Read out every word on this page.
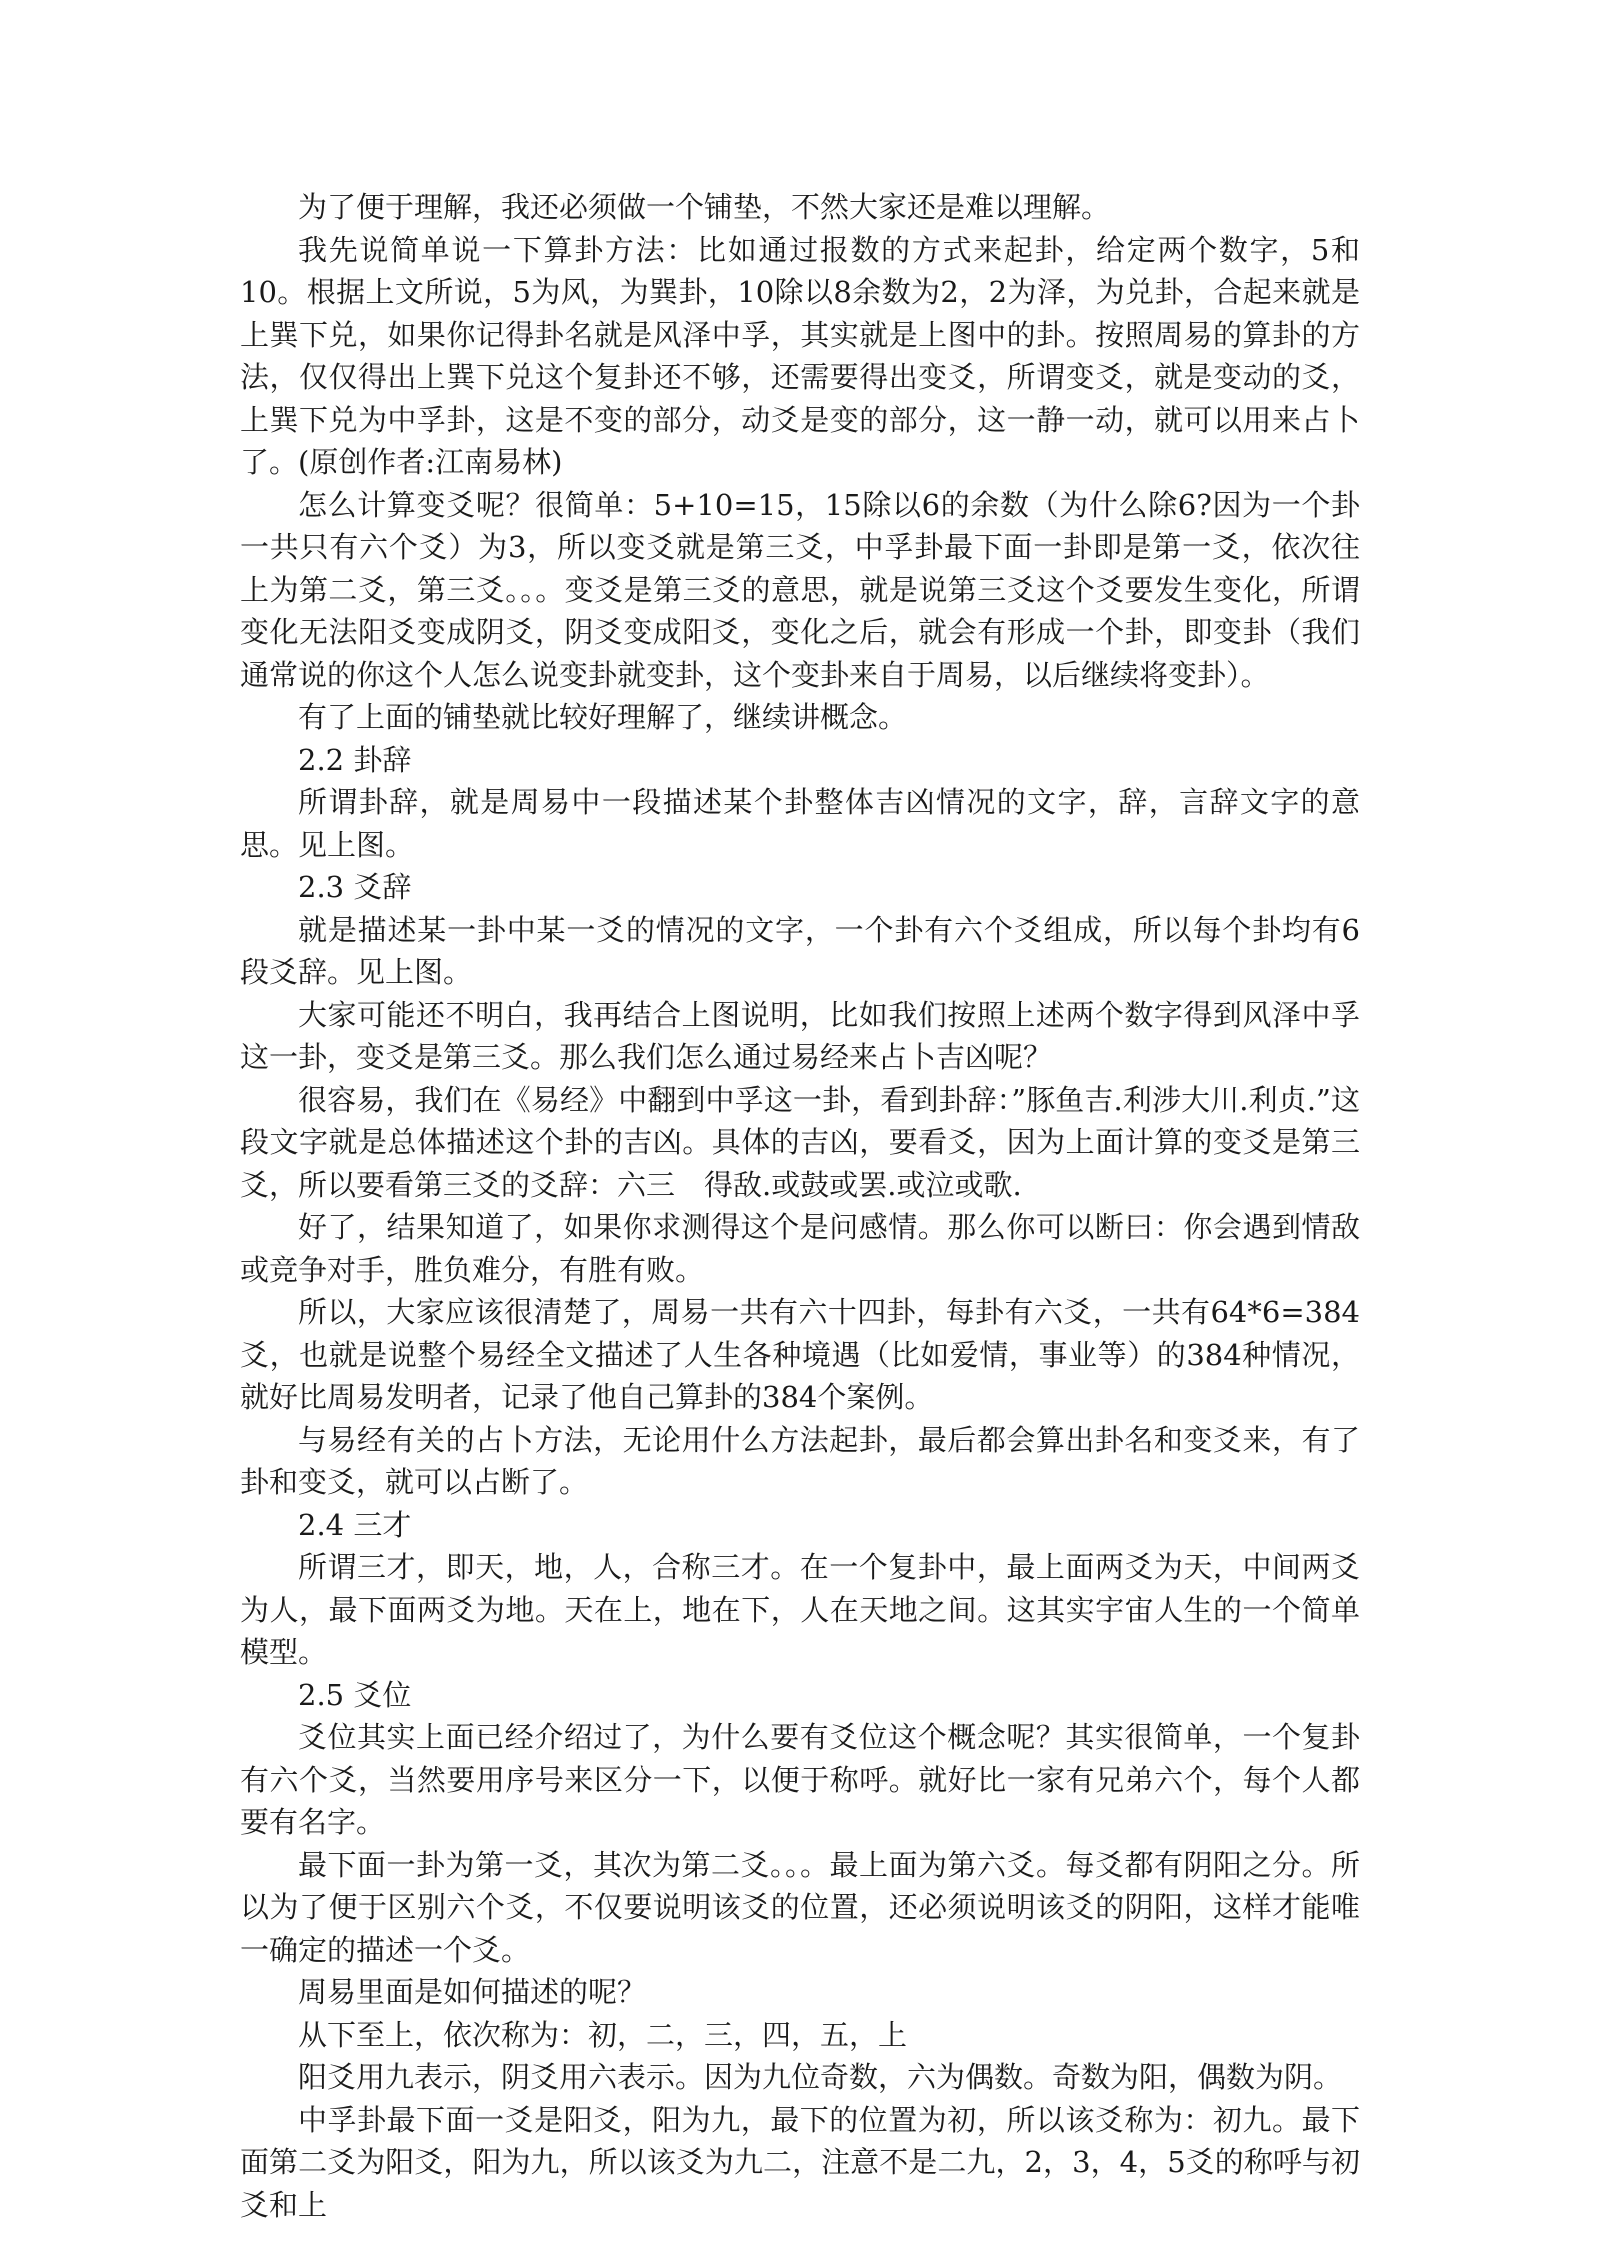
为了便于理解，我还必须做一个铺垫，不然大家还是难以理解。

我先说简单说一下算卦方法：比如通过报数的方式来起卦，给定两个数字，5和10。根据上文所说，5为风，为巽卦，10除以8余数为2，2为泽，为兑卦，合起来就是上巽下兑，如果你记得卦名就是风泽中孚，其实就是上图中的卦。按照周易的算卦的方法，仅仅得出上巽下兑这个复卦还不够，还需要得出变爻，所谓变爻，就是变动的爻，上巽下兑为中孚卦，这是不变的部分，动爻是变的部分，这一静一动，就可以用来占卜了。(原创作者:江南易林)

怎么计算变爻呢？很简单：5+10=15，15除以6的余数（为什么除6?因为一个卦一共只有六个爻）为3，所以变爻就是第三爻，中孚卦最下面一卦即是第一爻，依次往上为第二爻，第三爻。。。变爻是第三爻的意思，就是说第三爻这个爻要发生变化，所谓变化无法阳爻变成阴爻，阴爻变成阳爻，变化之后，就会有形成一个卦，即变卦（我们通常说的你这个人怎么说变卦就变卦，这个变卦来自于周易，以后继续将变卦）。

有了上面的铺垫就比较好理解了，继续讲概念。

2.2 卦辞

所谓卦辞，就是周易中一段描述某个卦整体吉凶情况的文字，辞，言辞文字的意思。见上图。

2.3 爻辞

就是描述某一卦中某一爻的情况的文字，一个卦有六个爻组成，所以每个卦均有6段爻辞。见上图。

大家可能还不明白，我再结合上图说明，比如我们按照上述两个数字得到风泽中孚这一卦，变爻是第三爻。那么我们怎么通过易经来占卜吉凶呢？

很容易，我们在《易经》中翻到中孚这一卦，看到卦辞：”豚鱼吉.利涉大川.利贞.”这段文字就是总体描述这个卦的吉凶。具体的吉凶，要看爻，因为上面计算的变爻是第三爻，所以要看第三爻的爻辞：六三　得敌.或鼓或罢.或泣或歌.

好了，结果知道了，如果你求测得这个是问感情。那么你可以断曰：你会遇到情敌或竞争对手，胜负难分，有胜有败。

所以，大家应该很清楚了，周易一共有六十四卦，每卦有六爻，一共有64*6=384爻，也就是说整个易经全文描述了人生各种境遇（比如爱情，事业等）的384种情况，就好比周易发明者，记录了他自己算卦的384个案例。

与易经有关的占卜方法，无论用什么方法起卦，最后都会算出卦名和变爻来，有了卦和变爻，就可以占断了。

2.4 三才

所谓三才，即天，地，人，合称三才。在一个复卦中，最上面两爻为天，中间两爻为人，最下面两爻为地。天在上，地在下，人在天地之间。这其实宇宙人生的一个简单模型。

2.5 爻位

爻位其实上面已经介绍过了，为什么要有爻位这个概念呢？其实很简单，一个复卦有六个爻，当然要用序号来区分一下，以便于称呼。就好比一家有兄弟六个，每个人都要有名字。

最下面一卦为第一爻，其次为第二爻。。。最上面为第六爻。每爻都有阴阳之分。所以为了便于区别六个爻，不仅要说明该爻的位置，还必须说明该爻的阴阳，这样才能唯一确定的描述一个爻。

周易里面是如何描述的呢？

从下至上，依次称为：初，二，三，四，五，上

阳爻用九表示，阴爻用六表示。因为九位奇数，六为偶数。奇数为阳，偶数为阴。

中孚卦最下面一爻是阳爻，阳为九，最下的位置为初，所以该爻称为：初九。最下面第二爻为阳爻，阳为九，所以该爻为九二，注意不是二九，2，3，4，5爻的称呼与初爻和上
